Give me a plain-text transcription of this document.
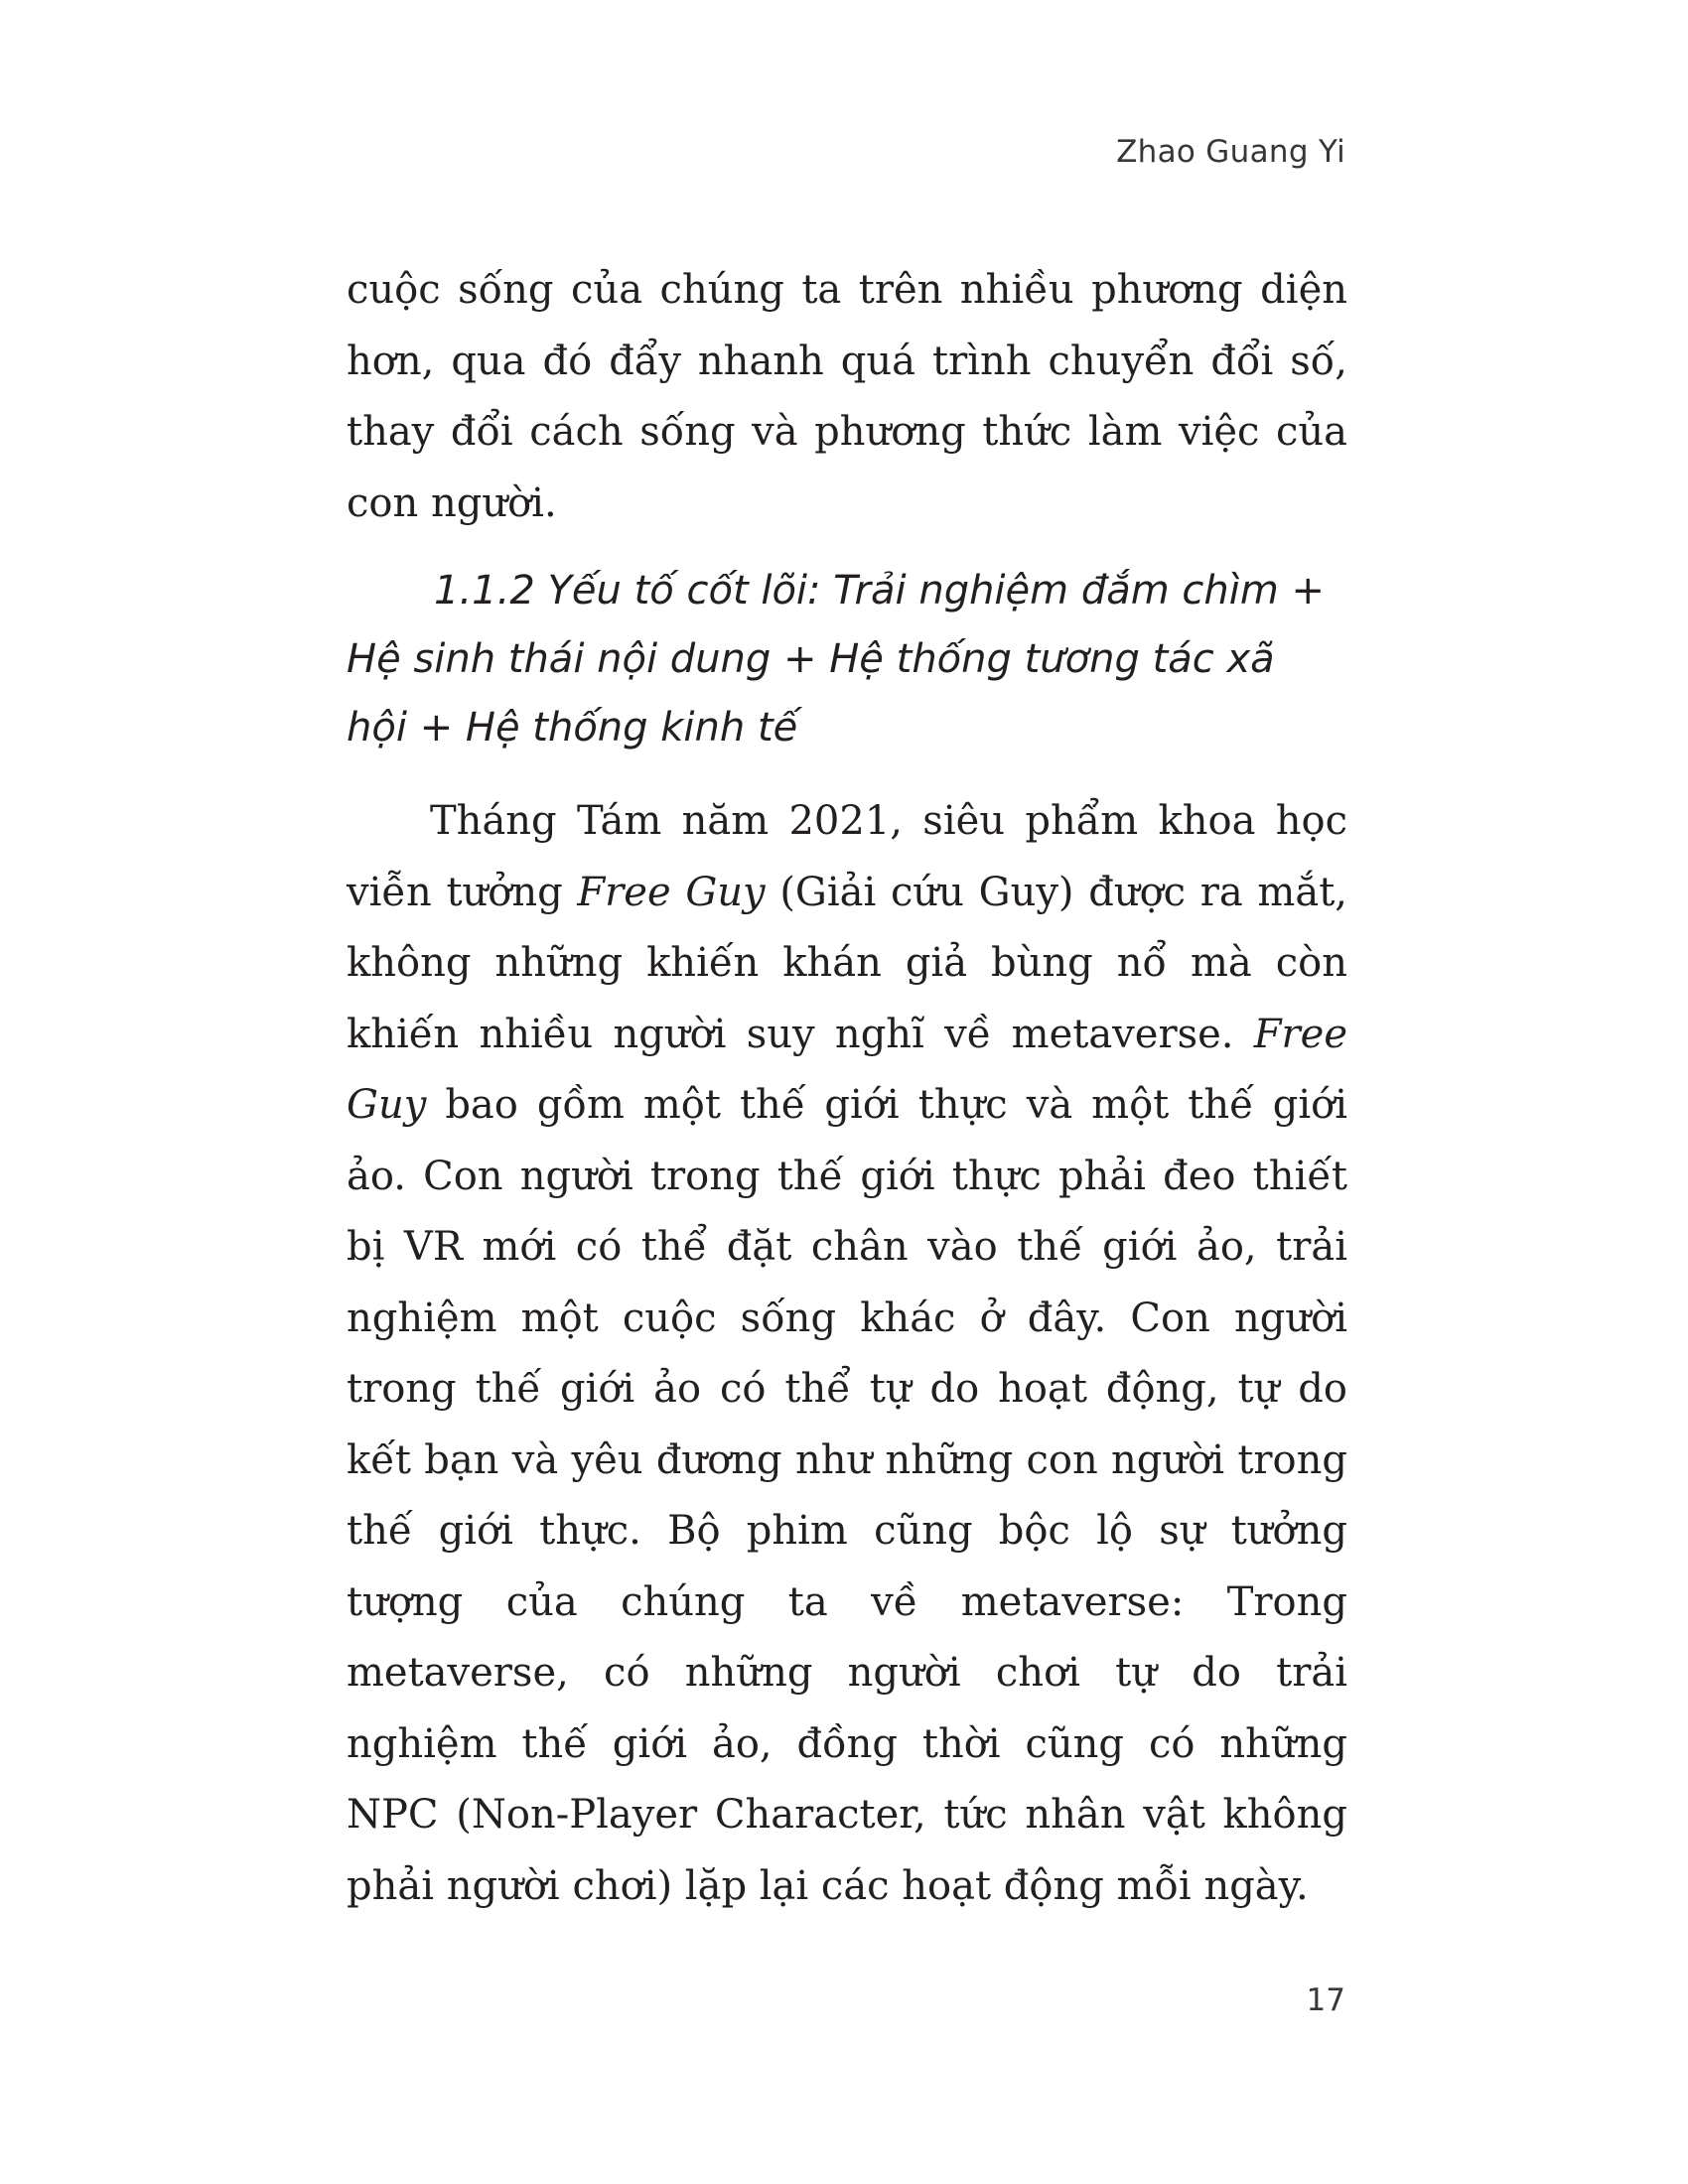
Zhao Guang Yi

cuộc sống của chúng ta trên nhiều phương diện hơn, qua đó đẩy nhanh quá trình chuyển đổi số, thay đổi cách sống và phương thức làm việc của con người.

1.1.2 Yếu tố cốt lõi: Trải nghiệm đắm chìm + Hệ sinh thái nội dung + Hệ thống tương tác xã hội + Hệ thống kinh tế

Tháng Tám năm 2021, siêu phẩm khoa học viễn tưởng Free Guy (Giải cứu Guy) được ra mắt, không những khiến khán giả bùng nổ mà còn khiến nhiều người suy nghĩ về metaverse. Free Guy bao gồm một thế giới thực và một thế giới ảo. Con người trong thế giới thực phải đeo thiết bị VR mới có thể đặt chân vào thế giới ảo, trải nghiệm một cuộc sống khác ở đây. Con người trong thế giới ảo có thể tự do hoạt động, tự do kết bạn và yêu đương như những con người trong thế giới thực. Bộ phim cũng bộc lộ sự tưởng tượng của chúng ta về metaverse: Trong metaverse, có những người chơi tự do trải nghiệm thế giới ảo, đồng thời cũng có những NPC (Non-Player Character, tức nhân vật không phải người chơi) lặp lại các hoạt động mỗi ngày.

17
